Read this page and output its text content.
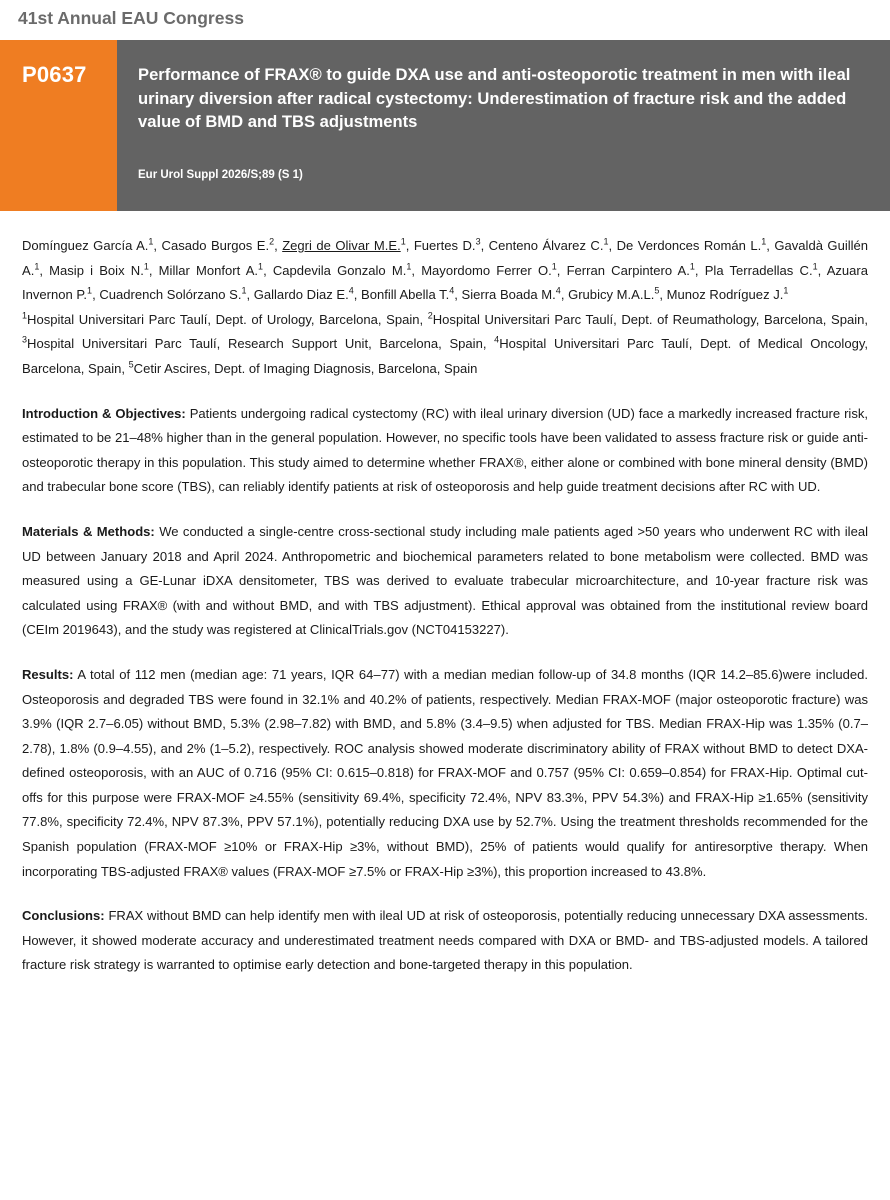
41st Annual EAU Congress
P0637	Performance of FRAX® to guide DXA use and anti-osteoporotic treatment in men with ileal urinary diversion after radical cystectomy: Underestimation of fracture risk and the added value of BMD and TBS adjustments
Eur Urol Suppl 2026/S;89 (S 1)
Domínguez García A.$^1$, Casado Burgos E.$^2$, Zegri de Olivar M.E.$^1$, Fuertes D.$^3$, Centeno Álvarez C.$^1$, De Verdonces Román L.$^1$, Gavaldà Guillén A.$^1$, Masip i Boix N.$^1$, Millar Monfort A.$^1$, Capdevila Gonzalo M.$^1$, Mayordomo Ferrer O.$^1$, Ferran Carpintero A.$^1$, Pla Terradellas C.$^1$, Azuara Invernon P.$^1$, Cuadrench Solórzano S.$^1$, Gallardo Diaz E.$^4$, Bonfill Abella T.$^4$, Sierra Boada M.$^4$, Grubicy M.A.L.$^5$, Munoz Rodríguez J.$^1$
$^1$Hospital Universitari Parc Taulí, Dept. of Urology, Barcelona, Spain, $^2$Hospital Universitari Parc Taulí, Dept. of Reumathology, Barcelona, Spain, $^3$Hospital Universitari Parc Taulí, Research Support Unit, Barcelona, Spain, $^4$Hospital Universitari Parc Taulí, Dept. of Medical Oncology, Barcelona, Spain, $^5$Cetir Ascires, Dept. of Imaging Diagnosis, Barcelona, Spain
Introduction & Objectives: Patients undergoing radical cystectomy (RC) with ileal urinary diversion (UD) face a markedly increased fracture risk, estimated to be 21–48% higher than in the general population. However, no specific tools have been validated to assess fracture risk or guide anti-osteoporotic therapy in this population. This study aimed to determine whether FRAX®, either alone or combined with bone mineral density (BMD) and trabecular bone score (TBS), can reliably identify patients at risk of osteoporosis and help guide treatment decisions after RC with UD.
Materials & Methods: We conducted a single-centre cross-sectional study including male patients aged >50 years who underwent RC with ileal UD between January 2018 and April 2024. Anthropometric and biochemical parameters related to bone metabolism were collected. BMD was measured using a GE-Lunar iDXA densitometer, TBS was derived to evaluate trabecular microarchitecture, and 10-year fracture risk was calculated using FRAX® (with and without BMD, and with TBS adjustment). Ethical approval was obtained from the institutional review board (CEIm 2019643), and the study was registered at ClinicalTrials.gov (NCT04153227).
Results: A total of 112 men (median age: 71 years, IQR 64–77) with a median median follow-up of 34.8 months (IQR 14.2–85.6)were included. Osteoporosis and degraded TBS were found in 32.1% and 40.2% of patients, respectively. Median FRAX-MOF (major osteoporotic fracture) was 3.9% (IQR 2.7–6.05) without BMD, 5.3% (2.98–7.82) with BMD, and 5.8% (3.4–9.5) when adjusted for TBS. Median FRAX-Hip was 1.35% (0.7–2.78), 1.8% (0.9–4.55), and 2% (1–5.2), respectively. ROC analysis showed moderate discriminatory ability of FRAX without BMD to detect DXA-defined osteoporosis, with an AUC of 0.716 (95% CI: 0.615–0.818) for FRAX-MOF and 0.757 (95% CI: 0.659–0.854) for FRAX-Hip. Optimal cut-offs for this purpose were FRAX-MOF ≥4.55% (sensitivity 69.4%, specificity 72.4%, NPV 83.3%, PPV 54.3%) and FRAX-Hip ≥1.65% (sensitivity 77.8%, specificity 72.4%, NPV 87.3%, PPV 57.1%), potentially reducing DXA use by 52.7%. Using the treatment thresholds recommended for the Spanish population (FRAX-MOF ≥10% or FRAX-Hip ≥3%, without BMD), 25% of patients would qualify for antiresorptive therapy. When incorporating TBS-adjusted FRAX® values (FRAX-MOF ≥7.5% or FRAX-Hip ≥3%), this proportion increased to 43.8%.
Conclusions: FRAX without BMD can help identify men with ileal UD at risk of osteoporosis, potentially reducing unnecessary DXA assessments. However, it showed moderate accuracy and underestimated treatment needs compared with DXA or BMD- and TBS-adjusted models. A tailored fracture risk strategy is warranted to optimise early detection and bone-targeted therapy in this population.
